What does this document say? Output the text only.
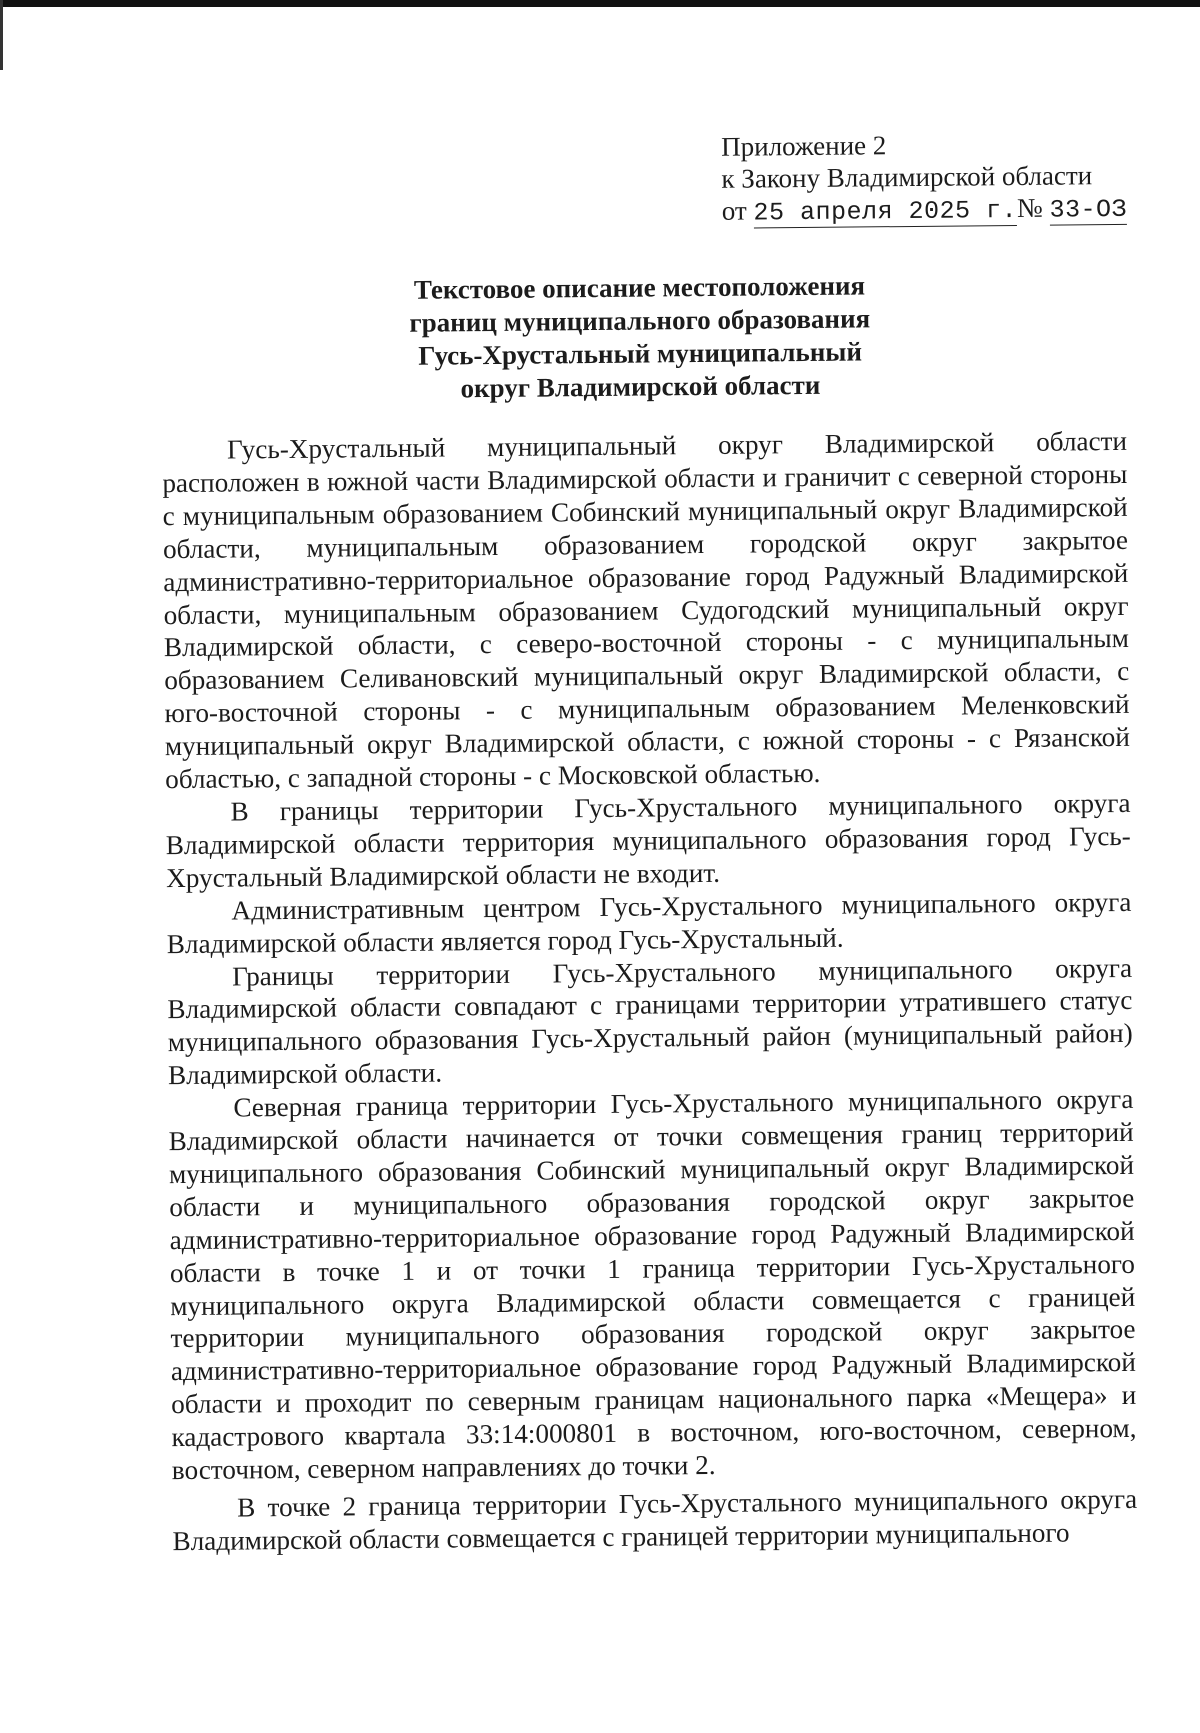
Приложение 2
к Закону Владимирской области
от 25 апреля 2025 г.№ 33-ОЗ
Текстовое описание местоположения
границ муниципального образования
Гусь-Хрустальный муниципальный
округ Владимирской области

Гусь-Хрустальный муниципальный округ Владимирской области расположен в южной части Владимирской области и граничит с северной стороны с муниципальным образованием Собинский муниципальный округ Владимирской области, муниципальным образованием городской округ закрытое административно-территориальное образование город Радужный Владимирской области, муниципальным образованием Судогодский муниципальный округ Владимирской области, с северо-восточной стороны - с муниципальным образованием Селивановский муниципальный округ Владимирской области, с юго-восточной стороны - с муниципальным образованием Меленковский муниципальный округ Владимирской области, с южной стороны - с Рязанской областью, с западной стороны - с Московской областью.

В границы территории Гусь-Хрустального муниципального округа Владимирской области территория муниципального образования город Гусь-Хрустальный Владимирской области не входит.

Административным центром Гусь-Хрустального муниципального округа Владимирской области является город Гусь-Хрустальный.

Границы территории Гусь-Хрустального муниципального округа Владимирской области совпадают с границами территории утратившего статус муниципального образования Гусь-Хрустальный район (муниципальный район) Владимирской области.

Северная граница территории Гусь-Хрустального муниципального округа Владимирской области начинается от точки совмещения границ территорий муниципального образования Собинский муниципальный округ Владимирской области и муниципального образования городской округ закрытое административно-территориальное образование город Радужный Владимирской области в точке 1 и от точки 1 граница территории Гусь-Хрустального муниципального округа Владимирской области совмещается с границей территории муниципального образования городской округ закрытое административно-территориальное образование город Радужный Владимирской области и проходит по северным границам национального парка «Мещера» и кадастрового квартала 33:14:000801 в восточном, юго-восточном, северном, восточном, северном направлениях до точки 2.

В точке 2 граница территории Гусь-Хрустального муниципального округа Владимирской области совмещается с границей территории муниципального
